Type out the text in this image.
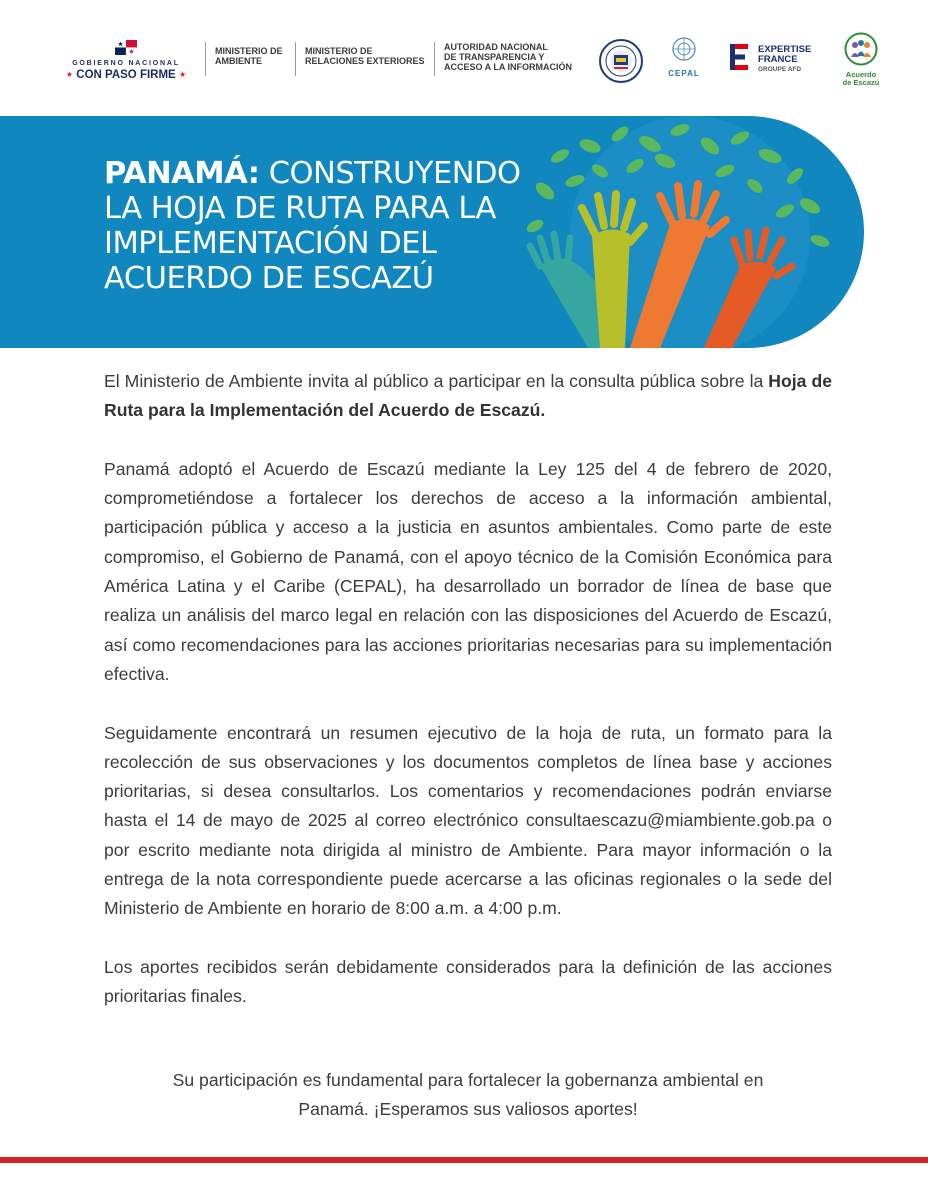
GOBIERNO NACIONAL
★ CON PASO FIRME ★
MINISTERIO DE
AMBIENTE
MINISTERIO DE
RELACIONES EXTERIORES
AUTORIDAD NACIONAL
DE TRANSPARENCIA Y
ACCESO A LA INFORMACIÓN
CEPAL
EXPERTISE
FRANCE
GROUPE AFD
Acuerdo
de Escazú
PANAMÁ: CONSTRUYENDO
LA HOJA DE RUTA PARA LA
IMPLEMENTACIÓN DEL
ACUERDO DE ESCAZÚ

El Ministerio de Ambiente invita al público a participar en la consulta pública sobre la Hoja de Ruta para la Implementación del Acuerdo de Escazú.

Panamá adoptó el Acuerdo de Escazú mediante la Ley 125 del 4 de febrero de 2020, comprometiéndose a fortalecer los derechos de acceso a la información ambiental, participación pública y acceso a la justicia en asuntos ambientales. Como parte de este compromiso, el Gobierno de Panamá, con el apoyo técnico de la Comisión Económica para América Latina y el Caribe (CEPAL), ha desarrollado un borrador de línea de base que realiza un análisis del marco legal en relación con las disposiciones del Acuerdo de Escazú, así como recomendaciones para las acciones prioritarias necesarias para su implementación efectiva.

Seguidamente encontrará un resumen ejecutivo de la hoja de ruta, un formato para la recolección de sus observaciones y los documentos completos de línea base y acciones prioritarias, si desea consultarlos. Los comentarios y recomendaciones podrán enviarse hasta el 14 de mayo de 2025 al correo electrónico consultaescazu@miambiente.gob.pa o por escrito mediante nota dirigida al ministro de Ambiente. Para mayor información o la entrega de la nota correspondiente puede acercarse a las oficinas regionales o la sede del Ministerio de Ambiente en horario de 8:00 a.m. a 4:00 p.m.

Los aportes recibidos serán debidamente considerados para la definición de las acciones prioritarias finales.

Su participación es fundamental para fortalecer la gobernanza ambiental en
Panamá. ¡Esperamos sus valiosos aportes!
